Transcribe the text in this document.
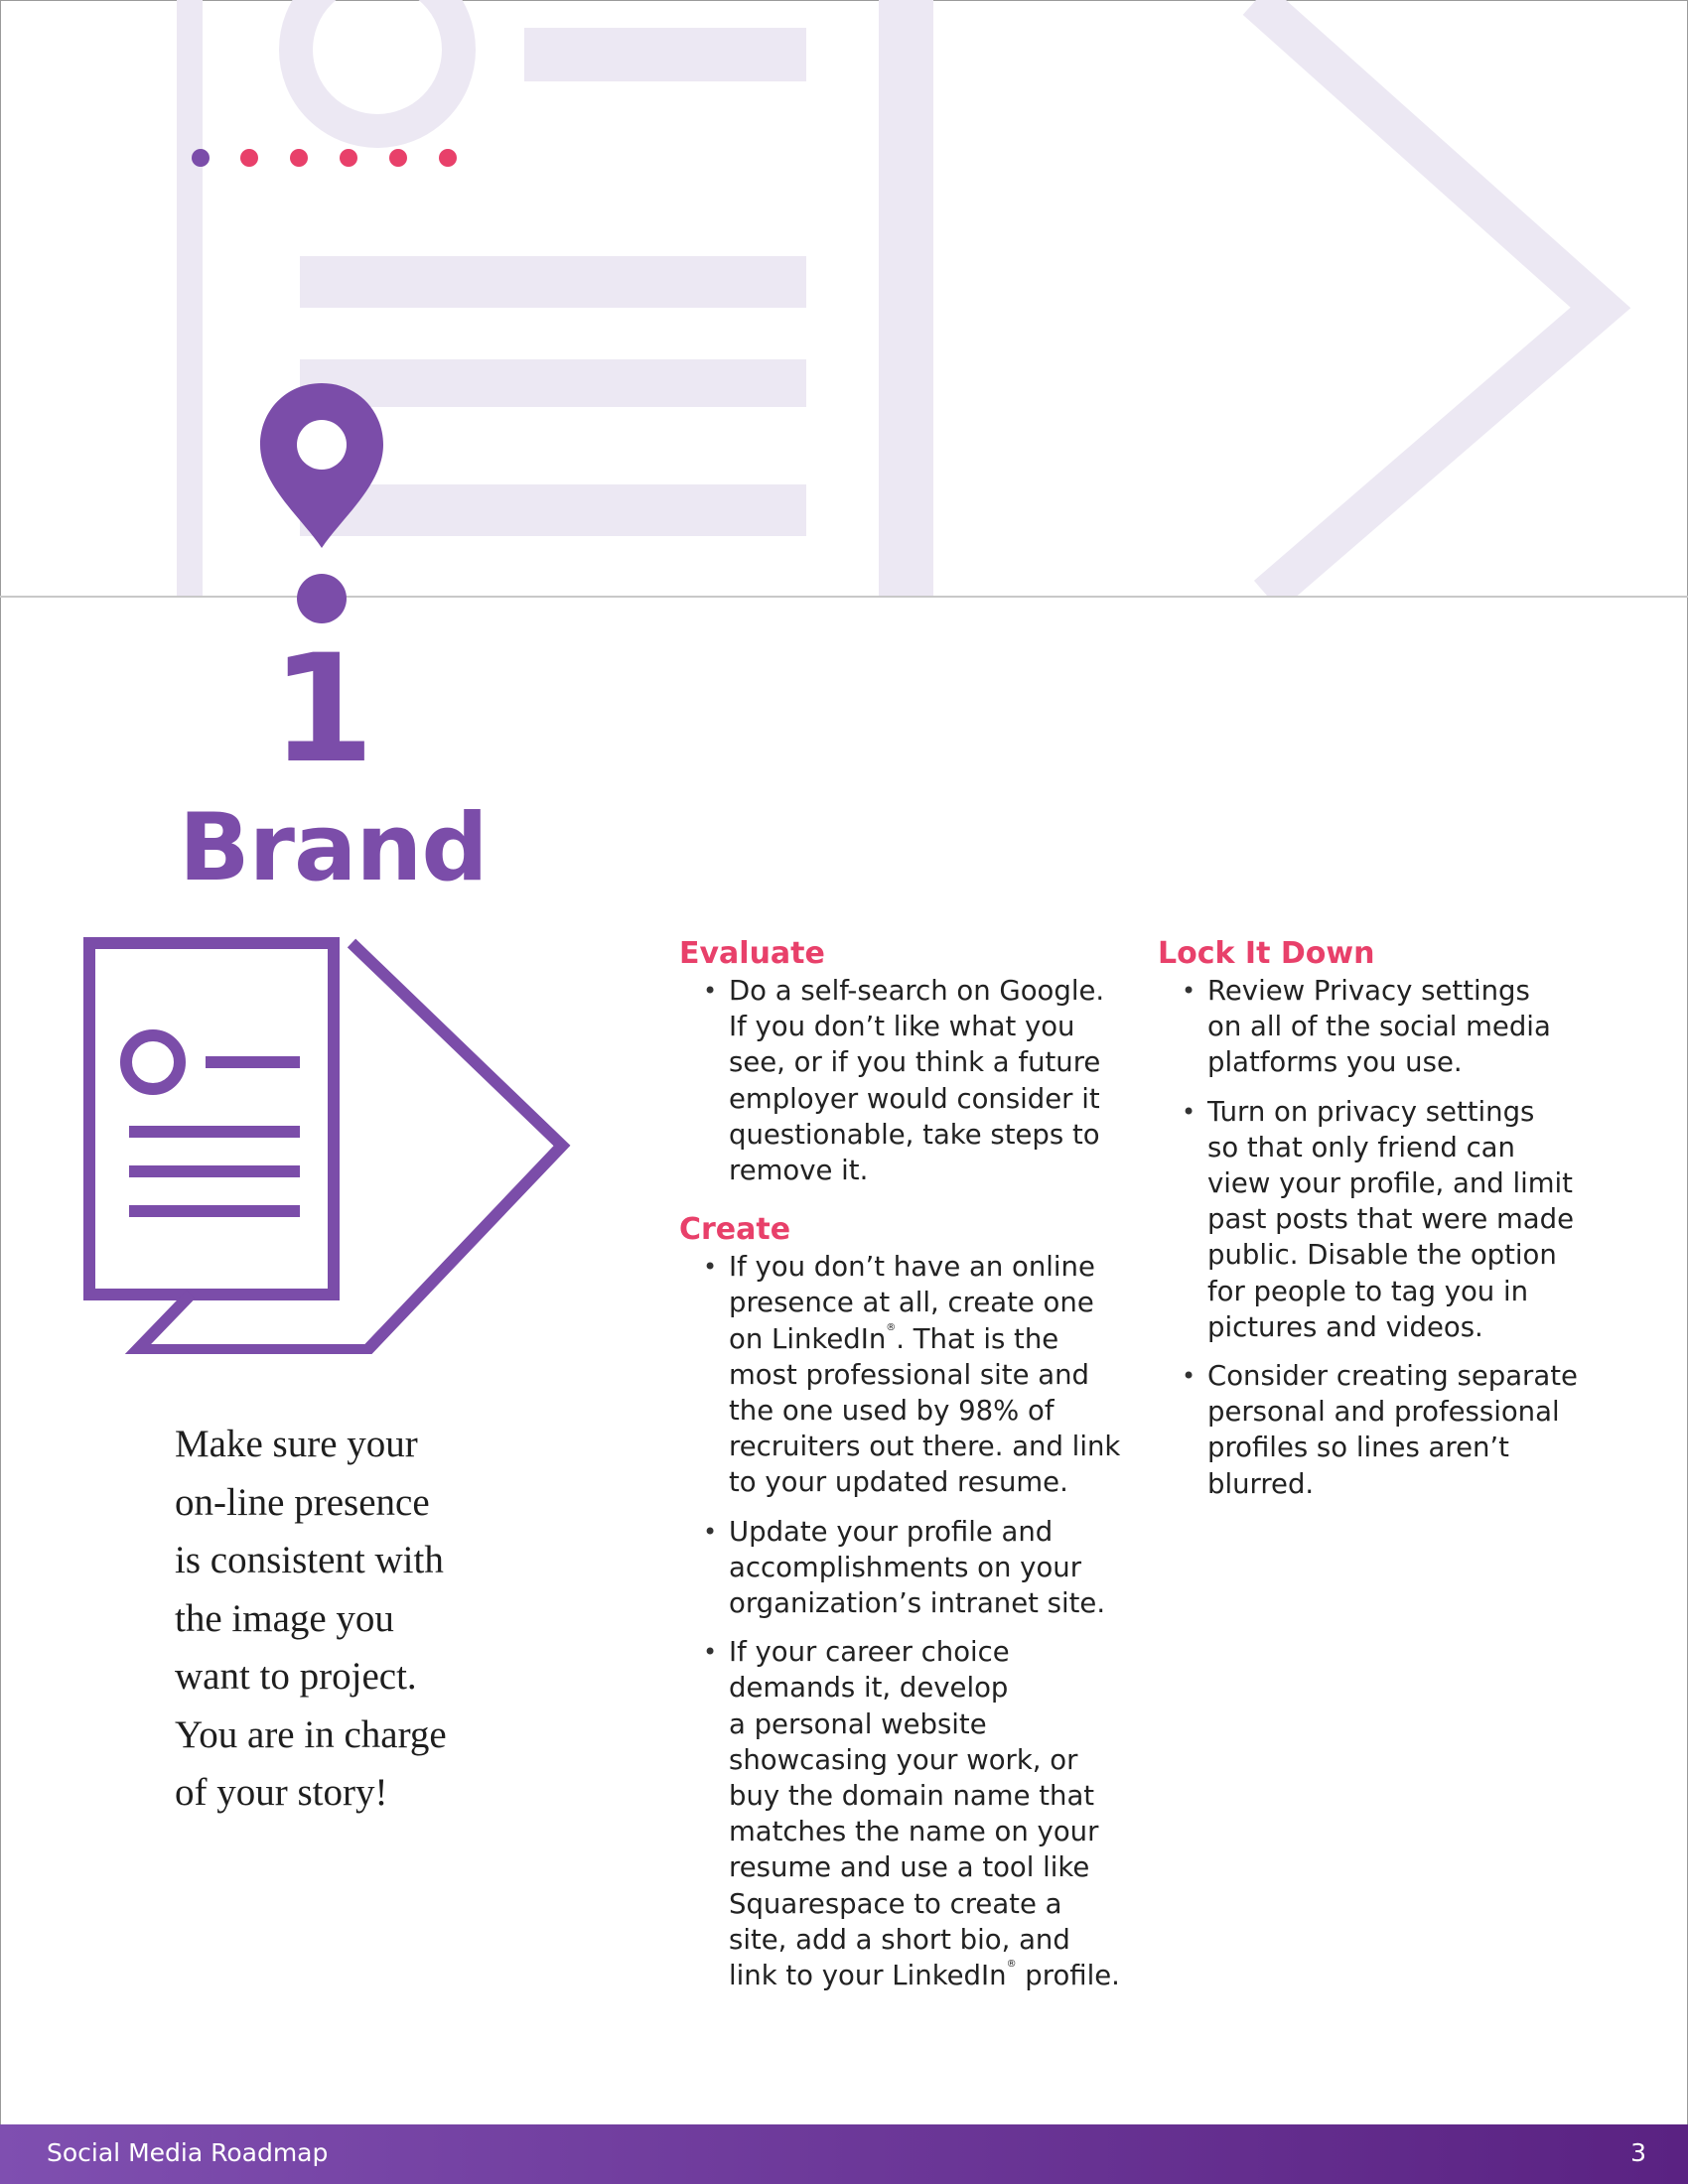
1
Brand
Make sure your
on-line presence
is consistent with
the image you
want to project.
You are in charge
of your story!
Evaluate
• Do a self-search on Google.
If you don’t like what you
see, or if you think a future
employer would consider it
questionable, take steps to
remove it.
Create
• If you don’t have an online
presence at all, create one
on LinkedIn®. That is the
most professional site and
the one used by 98% of
recruiters out there. and link
to your updated resume.
• Update your profile and
accomplishments on your
organization’s intranet site.
• If your career choice
demands it, develop
a personal website
showcasing your work, or
buy the domain name that
matches the name on your
resume and use a tool like
Squarespace to create a
site, add a short bio, and
link to your LinkedIn® profile.
Lock It Down
• Review Privacy settings
on all of the social media
platforms you use.
• Turn on privacy settings
so that only friend can
view your profile, and limit
past posts that were made
public. Disable the option
for people to tag you in
pictures and videos.
• Consider creating separate
personal and professional
profiles so lines aren’t
blurred.
Social Media Roadmap	3
